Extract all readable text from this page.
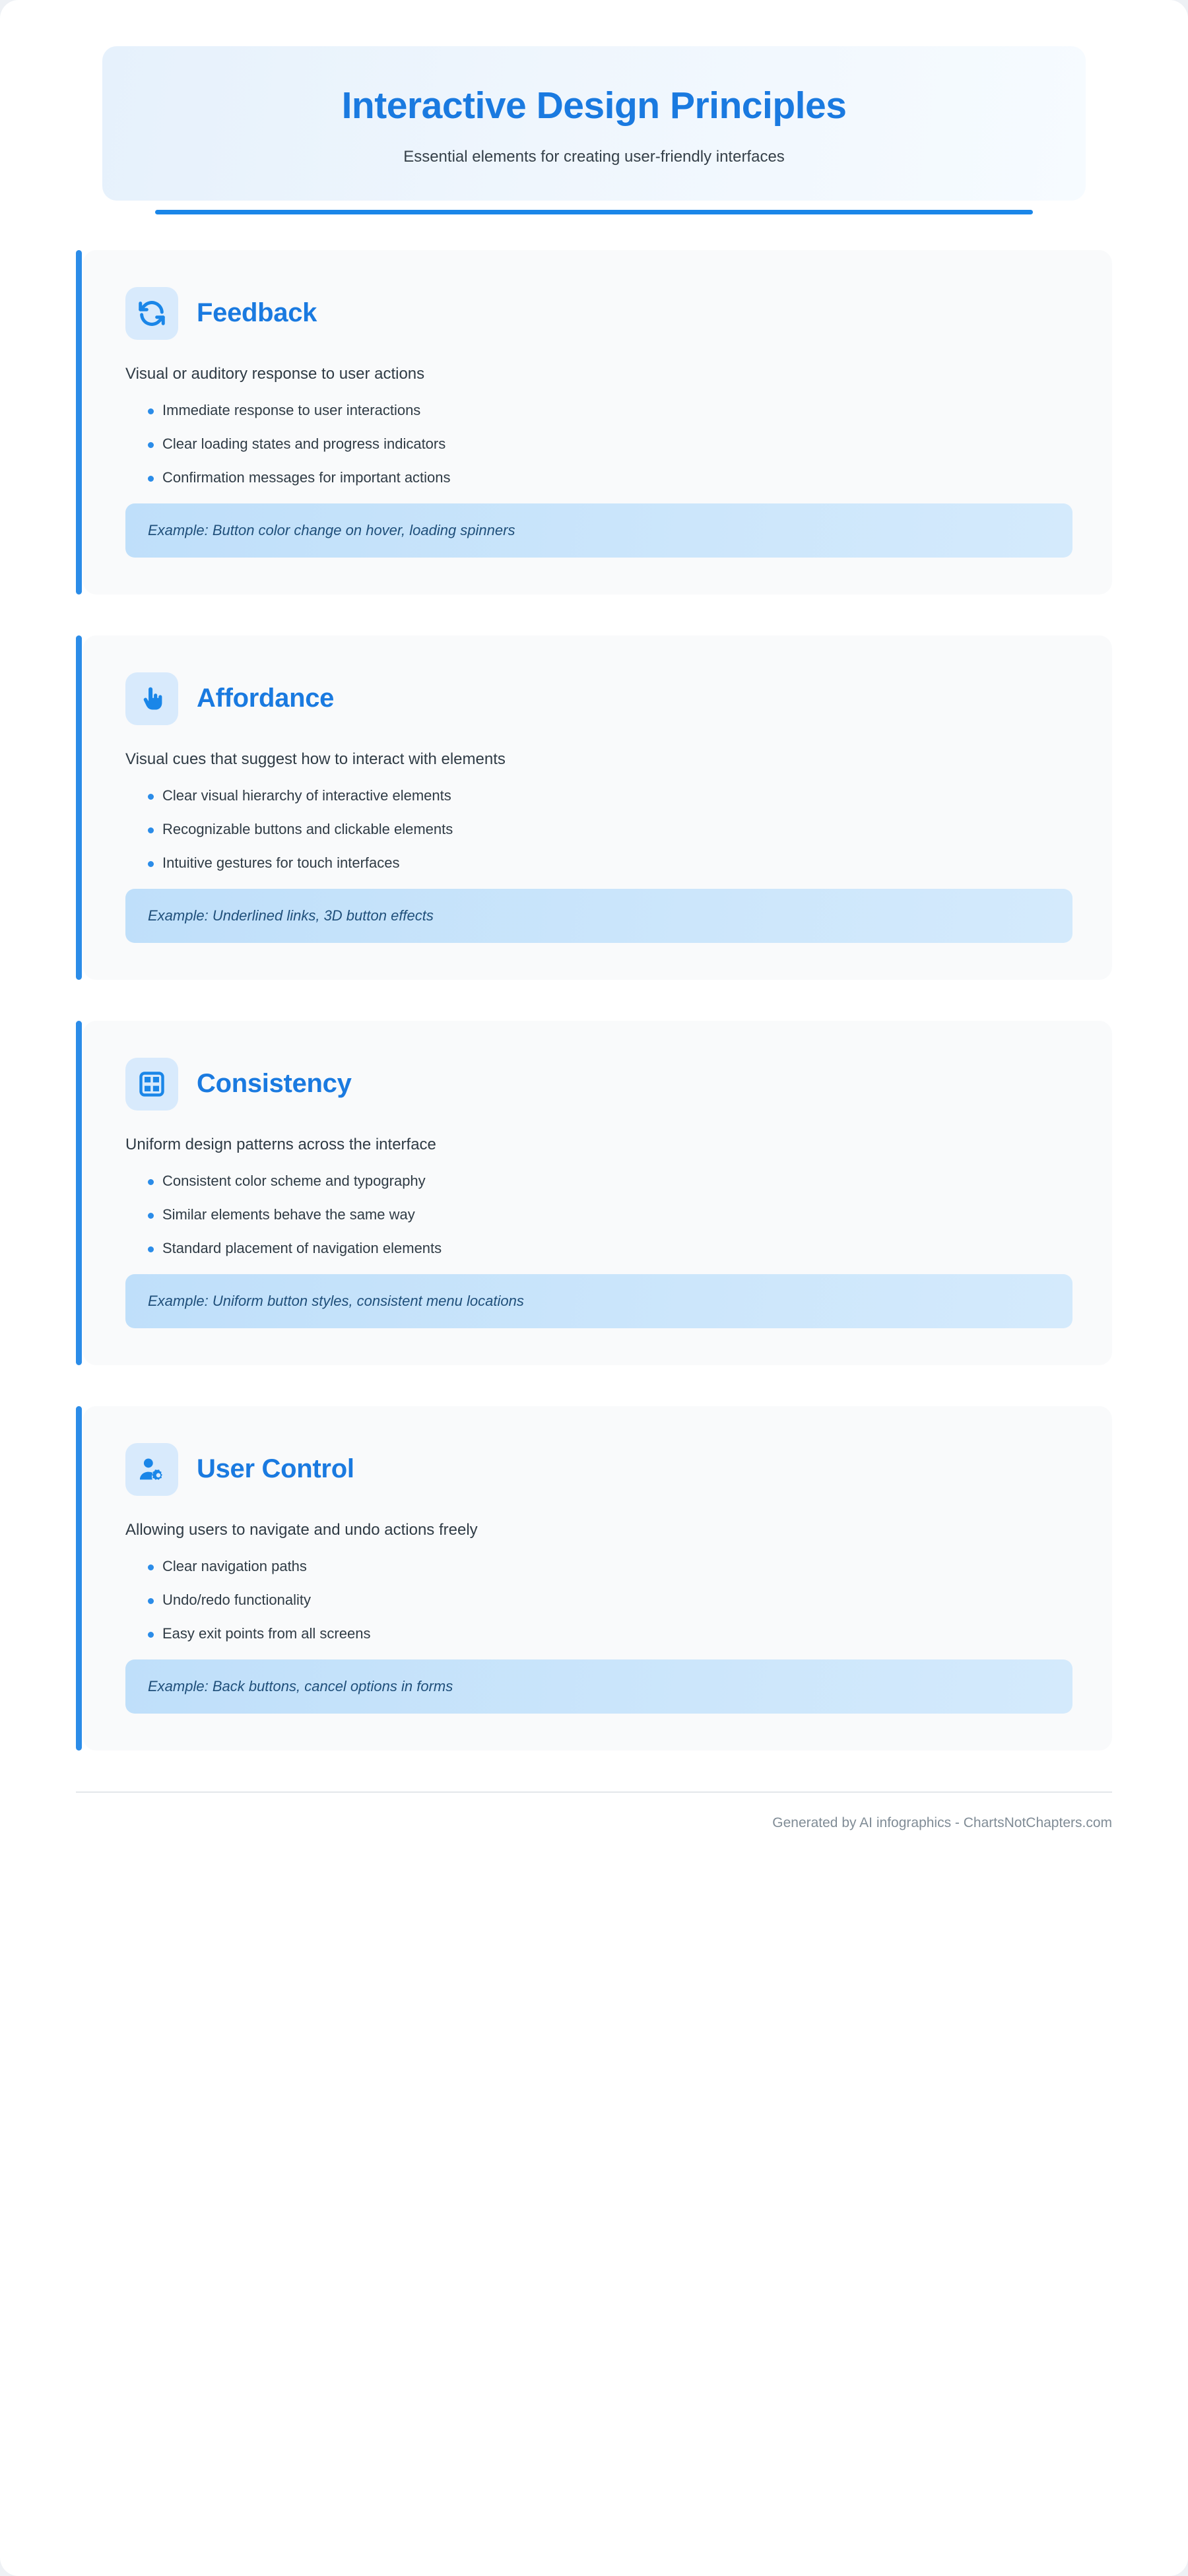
Interactive Design Principles
Essential elements for creating user-friendly interfaces
Feedback
Visual or auditory response to user actions
Immediate response to user interactions
Clear loading states and progress indicators
Confirmation messages for important actions
Example: Button color change on hover, loading spinners
Affordance
Visual cues that suggest how to interact with elements
Clear visual hierarchy of interactive elements
Recognizable buttons and clickable elements
Intuitive gestures for touch interfaces
Example: Underlined links, 3D button effects
Consistency
Uniform design patterns across the interface
Consistent color scheme and typography
Similar elements behave the same way
Standard placement of navigation elements
Example: Uniform button styles, consistent menu locations
User Control
Allowing users to navigate and undo actions freely
Clear navigation paths
Undo/redo functionality
Easy exit points from all screens
Example: Back buttons, cancel options in forms
Generated by AI infographics - ChartsNotChapters.com
